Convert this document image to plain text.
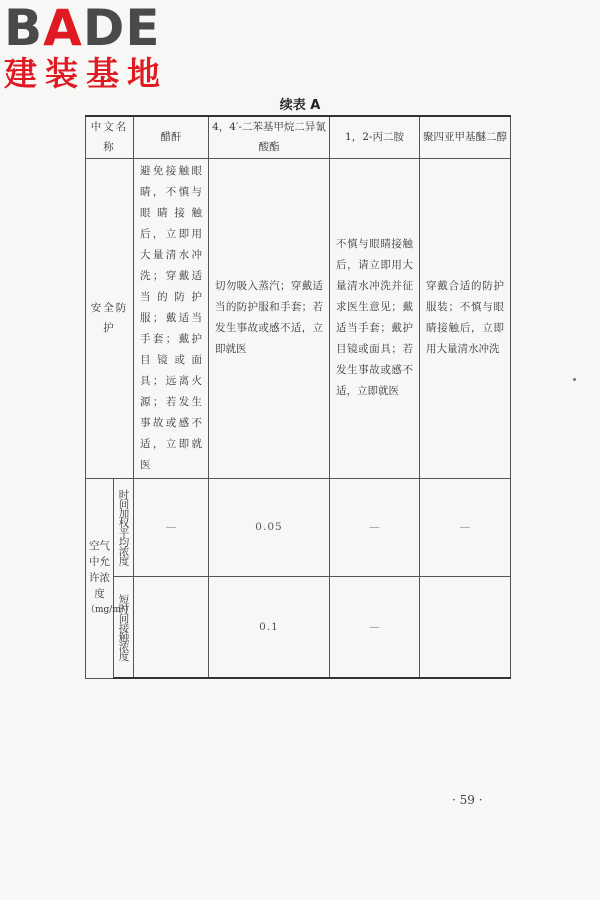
BADE
建装基地
续表 A
中文名称		醋酐	4，4′-二苯基甲烷二异氰酸酯	1，2-丙二胺	聚四亚甲基醚二醇
安全防护		避免接触眼睛，不慎与眼睛接触后，立即用大量清水冲洗；穿戴适当的防护服；戴适当手套；戴护目镜或面具；远离火源；若发生事故或感不适，立即就医	切勿吸入蒸汽；穿戴适当的防护服和手套；若发生事故或感不适，立即就医	不慎与眼睛接触后，请立即用大量清水冲洗并征求医生意见；戴适当手套；戴护目镜或面具；若发生事故或感不适，立即就医	穿戴合适的防护服装；不慎与眼睛接触后，立即用大量清水冲洗

空气中允许浓度
（mg/m³）	时间加权平均浓度	—	0.05	—	—

	短时间接触浓度		0.1	—	
· 59 ·
